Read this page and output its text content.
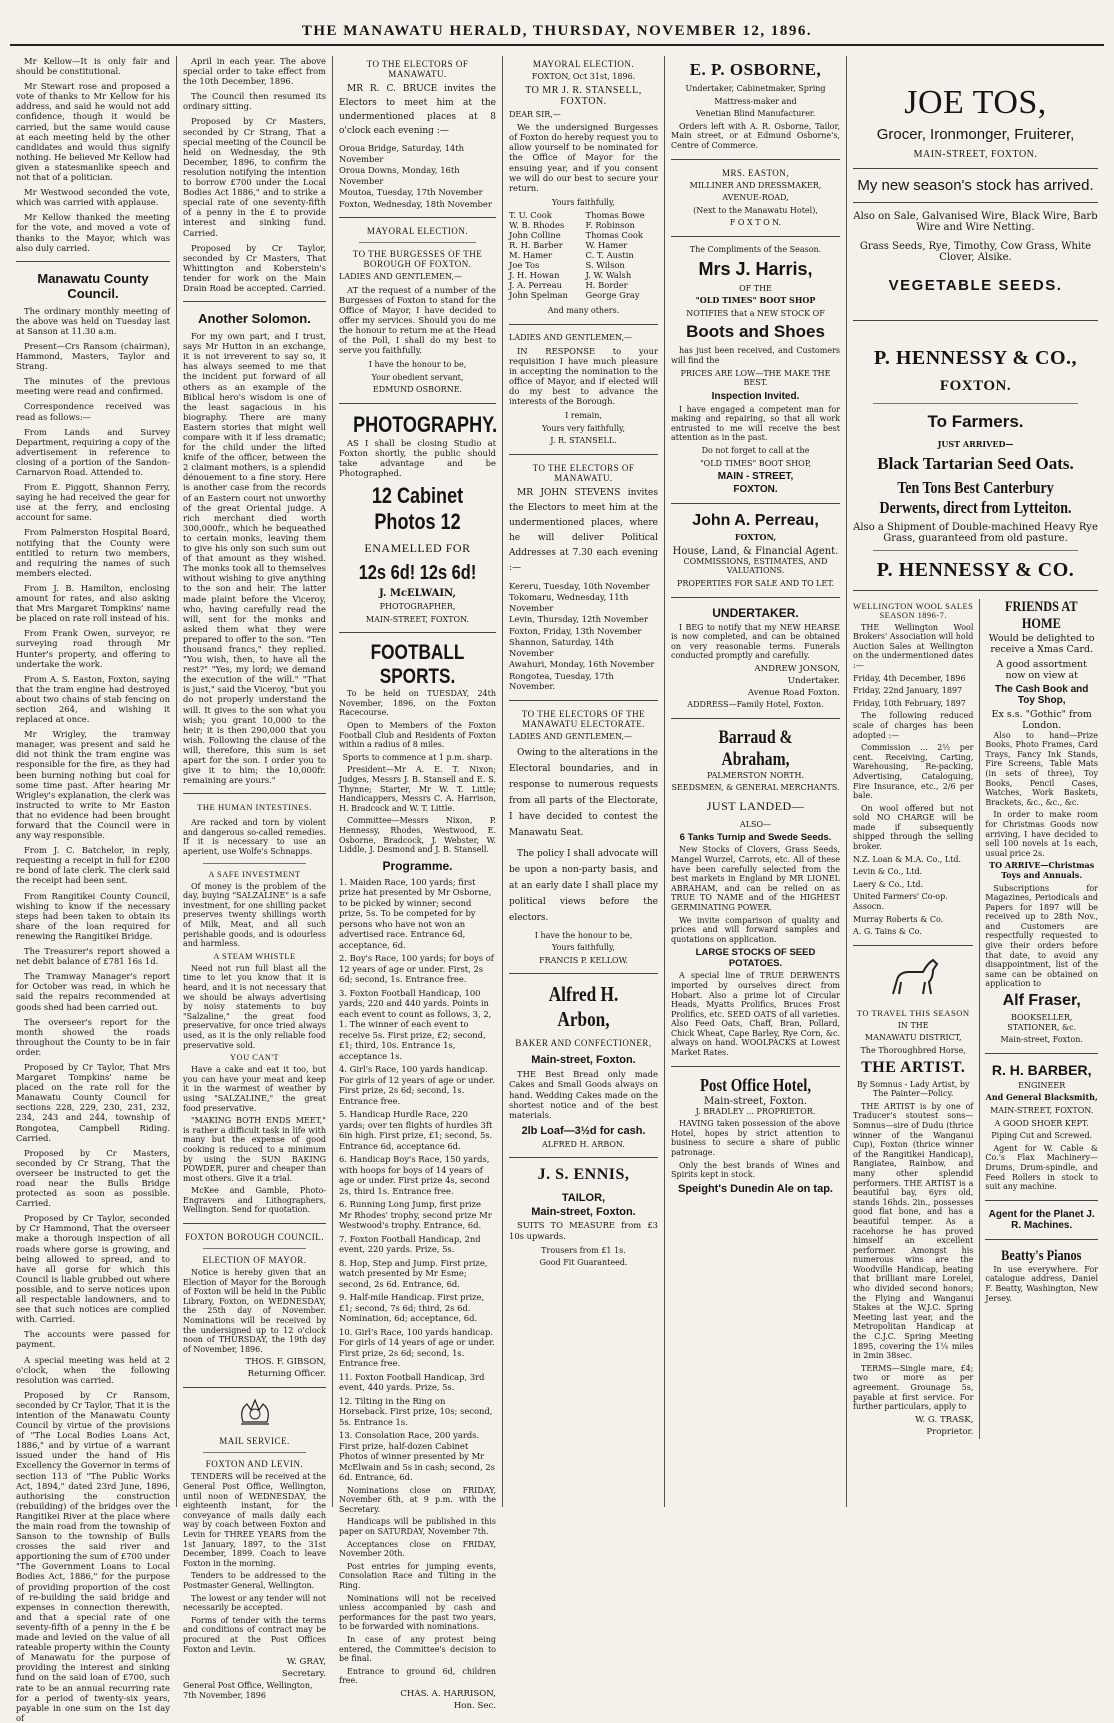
THE MANAWATU HERALD, THURSDAY, NOVEMBER 12, 1896.

Mr Kellow—It is only fair and should be constitutional.

Mr Stewart rose and proposed a vote of thanks to Mr Kellow for his address, and said he would not add confidence, though it would be carried, but the same would cause at each meeting held by the other candidates and would thus signify nothing. He believed Mr Kellow had given a statesmanlike speech and not that of a politician.

Mr Westwood seconded the vote, which was carried with applause.

Mr Kellow thanked the meeting for the vote, and moved a vote of thanks to the Mayor, which was also duly carried.

Manawatu County Council.

The ordinary monthly meeting of the above was held on Tuesday last at Sanson at 11.30 a.m.

Present—Crs Ransom (chairman), Hammond, Masters, Taylor and Strang.

The minutes of the previous meeting were read and confirmed.

Correspondence received was read as follows:—

From Lands and Survey Department, requiring a copy of the advertisement in reference to closing of a portion of the Sandon-Carnarvon Road. Attended to.

From E. Piggott, Shannon Ferry, saying he had received the gear for use at the ferry, and enclosing account for same.

From Palmerston Hospital Board, notifying that the County were entitled to return two members, and requiring the names of such members elected.

From J. B. Hamilton, enclosing amount for rates, and also asking that Mrs Margaret Tompkins' name be placed on rate roll instead of his.

From Frank Owen, surveyor, re surveying road through Mr Hunter's property, and offering to undertake the work.

From A. S. Easton, Foxton, saying that the tram engine had destroyed about two chains of stab fencing on section 264, and wishing it replaced at once.

Mr Wrigley, the tramway manager, was present and said he did not think the tram engine was responsible for the fire, as they had been burning nothing but coal for some time past. After hearing Mr Wrigley's explanation, the clerk was instructed to write to Mr Easton that no evidence had been brought forward that the Council were in any way responsible.

From J. C. Batchelor, in reply, requesting a receipt in full for £200 re bond of late clerk. The clerk said the receipt had been sent.

From Rangitikei County Council, wishing to know if the necessary steps had been taken to obtain its share of the loan required for renewing the Rangitikei Bridge.

The Treasurer's report showed a net debit balance of £781 16s 1d.

The Tramway Manager's report for October was read, in which he said the repairs recommended at goods shed had been carried out.

The overseer's report for the month showed the roads throughout the County to be in fair order.

Proposed by Cr Taylor, That Mrs Margaret Tompkins' name be placed on the rate roll for the Manawatu County Council for sections 228, 229, 230, 231, 232, 234, 243 and 244, township of Rongotea, Campbell Riding. Carried.

Proposed by Cr Masters, seconded by Cr Strang, That the overseer be instructed to get the road near the Bulls Bridge protected as soon as possible. Carried.

Proposed by Cr Taylor, seconded by Cr Hammond, That the overseer make a thorough inspection of all roads where gorse is growing, and being allowed to spread, and to have all gorse for which this Council is liable grubbed out where possible, and to serve notices upon all respectable landowners, and to see that such notices are complied with. Carried.

The accounts were passed for payment.

A special meeting was held at 2 o'clock, when the following resolution was carried.

Proposed by Cr Ransom, seconded by Cr Taylor, That it is the intention of the Manawatu County Council by virtue of the provisions of "The Local Bodies Loans Act, 1886," and by virtue of a warrant issued under the hand of His Excellency the Governor in terms of section 113 of "The Public Works Act, 1894," dated 23rd June, 1896, authorising the construction (rebuilding) of the bridges over the Rangitikei River at the place where the main road from the township of Sanson to the township of Bulls crosses the said river and apportioning the sum of £700 under "The Government Loans to Local Bodies Act, 1886," for the purpose of providing proportion of the cost of re-building the said bridge and expenses in connection therewith, and that a special rate of one seventy-fifth of a penny in the £ be made and levied on the value of all rateable property within the County of Manawatu for the purpose of providing the interest and sinking fund on the said loan of £700, such rate to be an annual recurring rate for a period of twenty-six years, payable in one sum on the 1st day of

April in each year. The above special order to take effect from the 10th December, 1896.

The Council then resumed its ordinary sitting.

Proposed by Cr Masters, seconded by Cr Strang, That a special meeting of the Council be held on Wednesday, the 9th December, 1896, to confirm the resolution notifying the intention to borrow £700 under the Local Bodies Act 1886," and to strike a special rate of one seventy-fifth of a penny in the £ to provide interest and sinking fund. Carried.

Proposed by Cr Taylor, seconded by Cr Masters, That Whittington and Koberstein's tender for work on the Main Drain Road be accepted. Carried.

Another Solomon.

For my own part, and I trust, says Mr Hutton in an exchange, it is not irreverent to say so, it has always seemed to me that the incident put forward of all others as an example of the Biblical hero's wisdom is one of the least sagacious in his biography. There are many Eastern stories that might well compare with it if less dramatic; for the child under the lifted knife of the officer, between the 2 claimant mothers, is a splendid dénouement to a fine story. Here is another case from the records of an Eastern court not unworthy of the great Oriental judge. A rich merchant died worth 300,000fr., which he bequeathed to certain monks, leaving them to give his only son such sum out of that amount as they wished. The monks took all to themselves without wishing to give anything to the son and heir. The latter made plaint before the Viceroy, who, having carefully read the will, sent for the monks and asked them what they were prepared to offer to the son. "Ten thousand francs," they replied. "You wish, then, to have all the rest?" "Yes, my lord; we demand the execution of the will." "That is just," said the Viceroy, "but you do not properly understand the will. It gives to the son what you wish; you grant 10,000 to the heir; it is then 290,000 that you wish. Following the clause of the will, therefore, this sum is set apart for the son. I order you to give it to him; the 10,000fr. remaining are yours."

THE HUMAN INTESTINES.

Are racked and torn by violent and dangerous so-called remedies. If it is necessary to use an aperient, use Wolfe's Schnapps.

A SAFE INVESTMENT

Of money is the problem of the day, buying "SALZALINE" is a safe investment, for one shilling packet preserves twenty shillings worth of Milk, Meat, and all such perishable goods, and is odourless and harmless.

A STEAM WHISTLE

Need not run full blast all the time to let you know that it is heard, and it is not necessary that we should be always advertising by noisy statements to buy "Salzaline," the great food preservative, for once tried always used, as it is the only reliable food preservative sold.

YOU CAN'T

Have a cake and eat it too, but you can have your meat and keep it in the warmest of weather by using "SALZALINE," the great food preservative.

"MAKING BOTH ENDS MEET," is rather a difficult task in life with many but the expense of good cooking is reduced to a minimum by using the SUN BAKING POWDER, purer and cheaper than most others. Give it a trial.

McKee and Gamble, Photo-Engravers and Lithographers, Wellington. Send for quotation.

FOXTON BOROUGH COUNCIL.
ELECTION OF MAYOR.

Notice is hereby given that an Election of Mayor for the Borough of Foxton will be held in the Public Library, Foxton, on WEDNESDAY, the 25th day of November. Nominations will be received by the undersigned up to 12 o'clock noon of THURSDAY, the 19th day of November, 1896.

THOS. F. GIBSON,
Returning Officer.
MAIL SERVICE.
FOXTON AND LEVIN.

TENDERS will be received at the General Post Office, Wellington, until noon of WEDNESDAY, the eighteenth instant, for the conveyance of mails daily each way by coach between Foxton and Levin for THREE YEARS from the 1st January, 1897, to the 31st December, 1899. Coach to leave Foxton in the morning.

Tenders to be addressed to the Postmaster General, Wellington.

The lowest or any tender will not necessarily be accepted.

Forms of tender with the terms and conditions of contract may be procured at the Post Offices Foxton and Levin.

W. GRAY,
Secretary.

General Post Office, Wellington, 7th November, 1896

TO THE ELECTORS OF MANAWATU.

MR R. C. BRUCE invites the Electors to meet him at the undermentioned places at 8 o'clock each evening :—

Oroua Bridge, Saturday, 14th November
Oroua Downs, Monday, 16th November
Moutoa, Tuesday, 17th November
Foxton, Wednesday, 18th November
MAYORAL ELECTION.
TO THE BURGESSES OF THE BOROUGH OF FOXTON.
LADIES AND GENTLEMEN,—

AT the request of a number of the Burgesses of Foxton to stand for the Office of Mayor, I have decided to offer my services. Should you do me the honour to return me at the Head of the Poll, I shall do my best to serve you faithfully.

I have the honour to be,
Your obedient servant,
EDMUND OSBORNE.
PHOTOGRAPHY.

AS I shall be closing Studio at Foxton shortly, the public should take advantage and be Photographed.

12 Cabinet Photos 12
ENAMELLED FOR
12s 6d! 12s 6d!
J. McELWAIN,
PHOTOGRAPHER,
MAIN-STREET, FOXTON.
FOOTBALL SPORTS.

To be held on TUESDAY, 24th November, 1896, on the Foxton Racecourse.

Open to Members of the Foxton Football Club and Residents of Foxton within a radius of 8 miles.

Sports to commence at 1 p.m. sharp.

President—Mr A. E. T. Nixon; Judges, Messrs J. B. Stansell and E. S. Thynne; Starter, Mr W. T. Little; Handicappers, Messrs C. A. Harrison, H. Bradcock and W. T. Little.

Committee—Messrs Nixon, P. Hennessy, Rhodes, Westwood, E. Osborne, Bradcock, J. Webster, W. Liddle, J. Desmond and J. B. Stansell.

Programme.
1. Maiden Race, 100 yards; first prize hat presented by Mr Osborne, to be picked by winner; second prize, 5s. To be competed for by persons who have not won an advertised race. Entrance 6d, acceptance, 6d.
2. Boy's Race, 100 yards; for boys of 12 years of age or under. First, 2s 6d; second, 1s. Entrance free.
3. Foxton Football Handicap, 100 yards, 220 and 440 yards. Points in each event to count as follows, 3, 2, 1. The winner of each event to receive 5s. First prize, £2; second, £1; third, 10s. Entrance 1s, acceptance 1s.
4. Girl's Race, 100 yards handicap. For girls of 12 years of age or under. First prize, 2s 6d; second, 1s. Entrance free.
5. Handicap Hurdle Race, 220 yards; over ten flights of hurdles 3ft 6in high. First prize, £1; second, 5s. Entrance 6d, acceptance 6d.
6. Handicap Boy's Race, 150 yards, with hoops for boys of 14 years of age or under. First prize 4s, second 2s, third 1s. Entrance free.
6. Running Long Jump, first prize Mr Rhodes' trophy, second prize Mr Westwood's trophy. Entrance, 6d.
7. Foxton Football Handicap, 2nd event, 220 yards. Prize, 5s.
8. Hop, Step and Jump. First prize, watch presented by Mr Esme; second, 2s 6d. Entrance, 6d.
9. Half-mile Handicap. First prize, £1; second, 7s 6d; third, 2s 6d. Nomination, 6d; acceptance, 6d.
10. Girl's Race, 100 yards handicap. For girls of 14 years of age or under. First prize, 2s 6d; second, 1s. Entrance free.
11. Foxton Football Handicap, 3rd event, 440 yards. Prize, 5s.
12. Tilting in the Ring on Horseback. First prize, 10s; second, 5s. Entrance 1s.
13. Consolation Race, 200 yards. First prize, half-dozen Cabinet Photos of winner presented by Mr McElwain and 5s in cash; second, 2s 6d. Entrance, 6d.

Nominations close on FRIDAY, November 6th, at 9 p.m. with the Secretary.

Handicaps will be published in this paper on SATURDAY, November 7th.

Acceptances close on FRIDAY, November 20th.

Post entries for jumping events, Consolation Race and Tilting in the Ring.

Nominations will not be received unless accompanied by cash and performances for the past two years, to be forwarded with nominations.

In case of any protest being entered, the Committee's decision to be final.

Entrance to ground 6d, children free.

CHAS. A. HARRISON,
Hon. Sec.
MAYORAL ELECTION.
FOXTON, Oct 31st, 1896.
TO MR J. R. STANSELL, FOXTON.
DEAR SIR,—

We the undersigned Burgesses of Foxton do hereby request you to allow yourself to be nominated for the Office of Mayor for the ensuing year, and if you consent we will do our best to secure your return.

Yours faithfully,
T. U. Cook
W. B. Rhodes
John Colline
R. H. Barber
M. Hamer
Joe Tos
J. H. Howan
J. A. Perreau
John Spelman
Thomas Bowe
F. Robinson
Thomas Cook
W. Hamer
C. T. Austin
S. Wilson
J. W. Walsh
H. Border
George Gray
And many others.
LADIES AND GENTLEMEN,—

IN RESPONSE to your requisition I have much pleasure in accepting the nomination to the office of Mayor, and if elected will do my best to advance the interests of the Borough.

I remain,
Yours very faithfully,
J. R. STANSELL.
TO THE ELECTORS OF MANAWATU.

MR JOHN STEVENS invites the Electors to meet him at the undermentioned places, where he will deliver Political Addresses at 7.30 each evening :—

Kereru, Tuesday, 10th November
Tokomaru, Wednesday, 11th November
Levin, Thursday, 12th November
Foxton, Friday, 13th November
Shannon, Saturday, 14th November
Awahuri, Monday, 16th November
Rongotea, Tuesday, 17th November.
TO THE ELECTORS OF THE MANAWATU ELECTORATE.
LADIES AND GENTLEMEN,—

Owing to the alterations in the Electoral boundaries, and in response to numerous requests from all parts of the Electorate, I have decided to contest the Manawatu Seat.

The policy I shall advocate will be upon a non-party basis, and at an early date I shall place my political views before the electors.

I have the honour to be,
Yours faithfully,
FRANCIS P. KELLOW.
Alfred H. Arbon,
BAKER AND CONFECTIONER,
Main-street, Foxton.

THE Best Bread only made Cakes and Small Goods always on hand. Wedding Cakes made on the shortest notice and of the best materials.

2lb Loaf—3½d for cash.
ALFRED H. ARBON.
J. S. ENNIS,
TAILOR,
Main-street, Foxton.

SUITS TO MEASURE from £3 10s upwards.

Trousers from £1 1s.
Good Fit Guaranteed.
E. P. OSBORNE,
Undertaker, Cabinetmaker, Spring
Mattress-maker and
Venetian Blind Manufacturer.

Orders left with A. R. Osborne, Tailor, Main street, or at Edmund Osborne's, Centre of Commerce.

MRS. EASTON,
MILLINER AND DRESSMAKER,
AVENUE-ROAD,
(Next to the Manawatu Hotel),
F O X T O N.
The Compliments of the Season.
Mrs J. Harris,
OF THE
"OLD TIMES" BOOT SHOP
NOTIFIES that a NEW STOCK OF
Boots and Shoes

has just been received, and Customers will find the

PRICES ARE LOW—THE MAKE THE BEST.
Inspection Invited.

I have engaged a competent man for making and repairing, so that all work entrusted to me will receive the best attention as in the past.

Do not forget to call at the
"OLD TIMES" BOOT SHOP,
MAIN - STREET,
FOXTON.
John A. Perreau,
FOXTON,
House, Land, & Financial Agent.
COMMISSIONS, ESTIMATES, AND VALUATIONS.
PROPERTIES FOR SALE AND TO LET.
UNDERTAKER.

I BEG to notify that my NEW HEARSE is now completed, and can be obtained on very reasonable terms. Funerals conducted promptly and carefully.

ANDREW JONSON,
Undertaker.
Avenue Road Foxton.
ADDRESS—Family Hotel, Foxton.
Barraud & Abraham,
PALMERSTON NORTH.
SEEDSMEN, & GENERAL MERCHANTS.
JUST LANDED—
ALSO—
6 Tanks Turnip and Swede Seeds.

New Stocks of Clovers, Grass Seeds, Mangel Wurzel, Carrots, etc. All of these have been carefully selected from the best markets in England by MR LIONEL ABRAHAM, and can be relied on as TRUE TO NAME and of the HIGHEST GERMINATING POWER.

We invite comparison of quality and prices and will forward samples and quotations on application.

LARGE STOCKS OF SEED POTATOES.

A special line of TRUE DERWENTS imported by ourselves direct from Hobart. Also a prime lot of Circular Heads, Myatts Prolifics, Bruces Frost Prolifics, etc. SEED OATS of all varieties. Also Feed Oats, Chaff, Bran, Pollard, Chick Wheat, Cape Barley, Rye Corn, &c. always on hand. WOOLPACKS at Lowest Market Rates.

Post Office Hotel,
Main-street, Foxton.
J. BRADLEY ... PROPRIETOR.

HAVING taken possession of the above Hotel, hopes by strict attention to business to secure a share of public patronage.

Only the best brands of Wines and Spirits kept in stock.

Speight's Dunedin Ale on tap.
JOE TOS,
Grocer, Ironmonger, Fruiterer,
MAIN-STREET, FOXTON.
My new season's stock has arrived.
Also on Sale, Galvanised Wire, Black Wire, Barb Wire and Wire Netting.
Grass Seeds, Rye, Timothy, Cow Grass, White Clover, Alsike.
VEGETABLE SEEDS.
P. HENNESSY & CO.,
FOXTON.
To Farmers.
JUST ARRIVED—
Black Tartarian Seed Oats.
Ten Tons Best Canterbury Derwents, direct from Lytteiton.
Also a Shipment of Double-machined Heavy Rye Grass, guaranteed from old pasture.
P. HENNESSY & CO.
WELLINGTON WOOL SALES SEASON 1896-7.

THE Wellington Wool Brokers' Association will hold Auction Sales at Wellington on the undermentioned dates :—

Friday, 4th December, 1896
Friday, 22nd January, 1897
Friday, 10th February, 1897

The following reduced scale of charges has been adopted :—

Commission ... 2½ per cent. Receiving, Carting, Warehousing, Re-packing, Advertising, Cataloguing, Fire Insurance, etc., 2/6 per bale.

On wool offered but not sold NO CHARGE will be made if subsequently shipped through the selling broker.

N.Z. Loan & M.A. Co., Ltd.
Levin & Co., Ltd.
Laery & Co., Ltd.
United Farmers' Co-op. Assocn.
Murray Roberts & Co.
A. G. Tains & Co.
TO TRAVEL THIS SEASON
IN THE
MANAWATU DISTRICT,
The Thoroughbred Horse,
THE ARTIST.
By Somnus - Lady Artist, by The Painter—Policy.

THE ARTIST is by one of Traducer's stoutest sons—Somnus—sire of Dudu (thrice winner of the Wanganui Cup), Foxton (thrice winner of the Rangitikei Handicap), Rangiatea, Rainbow, and many other splendid performers. THE ARTIST is a beautiful bay, 6yrs old, stands 16hds. 2in., possesses good flat bone, and has a beautiful temper. As a racehorse he has proved himself an excellent performer. Amongst his numerous wins are the Woodville Handicap, beating that brilliant mare Lorelei, who divided second honors; the Flying and Wanganui Stakes at the W.J.C. Spring Meeting last year, and the Metropolitan Handicap at the C.J.C. Spring Meeting 1895, covering the 1¼ miles in 2min 38sec.

TERMS—Single mare, £4; two or more as per agreement. Grounage 5s, payable at first service. For further particulars, apply to

W. G. TRASK,
Proprietor.
FRIENDS AT HOME
Would be delighted to receive a Xmas Card.
A good assortment now on view at
The Cash Book and Toy Shop,
Ex s.s. "Gothic" from London.

Also to hand—Prize Books, Photo Frames, Card Trays, Fancy Ink Stands, Fire Screens, Table Mats (in sets of three), Toy Books, Pencil Cases, Watches, Work Baskets, Brackets, &c., &c., &c.

In order to make room for Christmas Goods now arriving, I have decided to sell 100 novels at 1s each, usual price 2s.

TO ARRIVE—Christmas Toys and Annuals.

Subscriptions for Magazines, Periodicals and Papers for 1897 will be received up to 28th Nov., and Customers are respectfully requested to give their orders before that date, to avoid any disappointment, list of the same can be obtained on application to

Alf Fraser,
BOOKSELLER, STATIONER, &c.
Main-street, Foxton.
R. H. BARBER,
ENGINEER
And General Blacksmith,
MAIN-STREET, FOXTON.
A GOOD SHOER KEPT.
Piping Cut and Screwed.

Agent for W. Cable & Co.'s Flax Machinery—Drums, Drum-spindle, and Feed Rollers in stock to suit any machine.

Agent for the Planet J. R. Machines.
Beatty's Pianos

In use everywhere. For catalogue address, Daniel F. Beatty, Washington, New Jersey.
